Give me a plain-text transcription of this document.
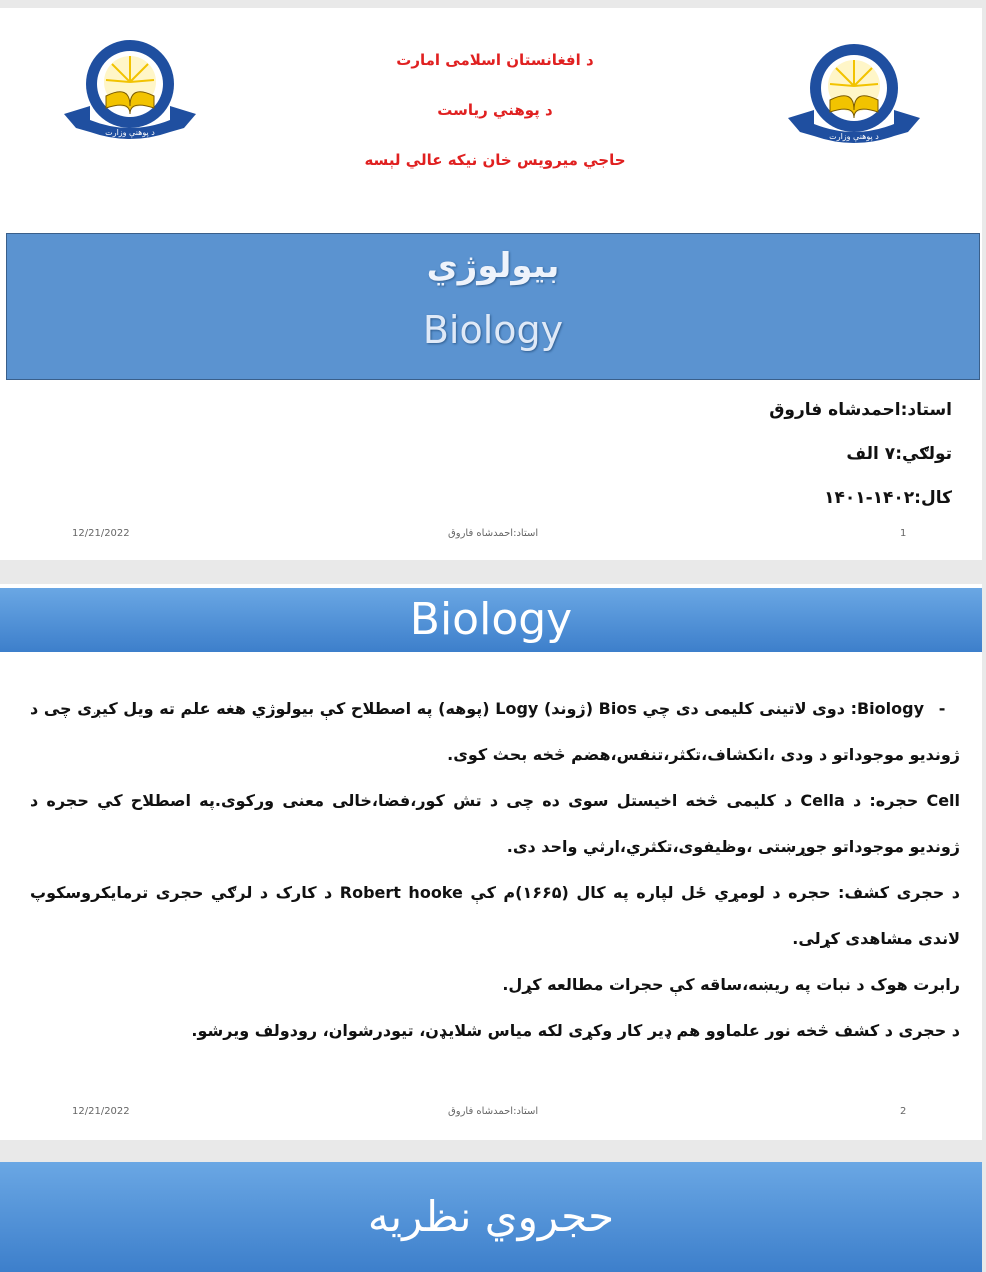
د پوهنې وزارت	د پوهنې وزارت
د افغانستان اسلامی امارت
د پوهني رياست
حاجي ميرويس خان نيکه عالي لېسه
بیولوژي
Biology
استاد:احمدشاه فاروق
تولګي:۷ الف
کال:۱۴۰۲-۱۴۰۱
12/21/2022	استاد:احمدشاه فاروق	1
Biology

-Biology: دوی لاتینی کلیمی دی چي Bios (ژوند) Logy (پوهه) په اصطلاح کې بیولوژي هغه علم ته ویل کیږی چی د ژوندیو موجوداتو د ودی ،انکشاف،تکثر،تنفس،هضم څخه بحث کوی.

Cell حجره: د Cella د کلیمی څخه اخیستل سوی ده چی د تش کور،فضا،خالی معنی ورکوی.په اصطلاح کي حجره د ژوندیو موجوداتو جوړښتی ،وظیفوی،تکثري،ارثي واحد دی.

د حجری کشف: حجره د لومړي ځل لپاره په کال (۱۶۶۵)م کې Robert hooke د کارک د لرګي حجری ترمایکروسکوپ لاندی مشاهدی کړلی.

رابرت هوک د نبات په ریښه،ساقه کې حجرات مطالعه کړل.

د حجری د کشف څخه نور علماوو هم ډیر کار وکړی لکه میاس شلایډن، تیودرشوان، رودولف ویرشو.

12/21/2022	استاد:احمدشاه فاروق	2
حجروي نظريه
